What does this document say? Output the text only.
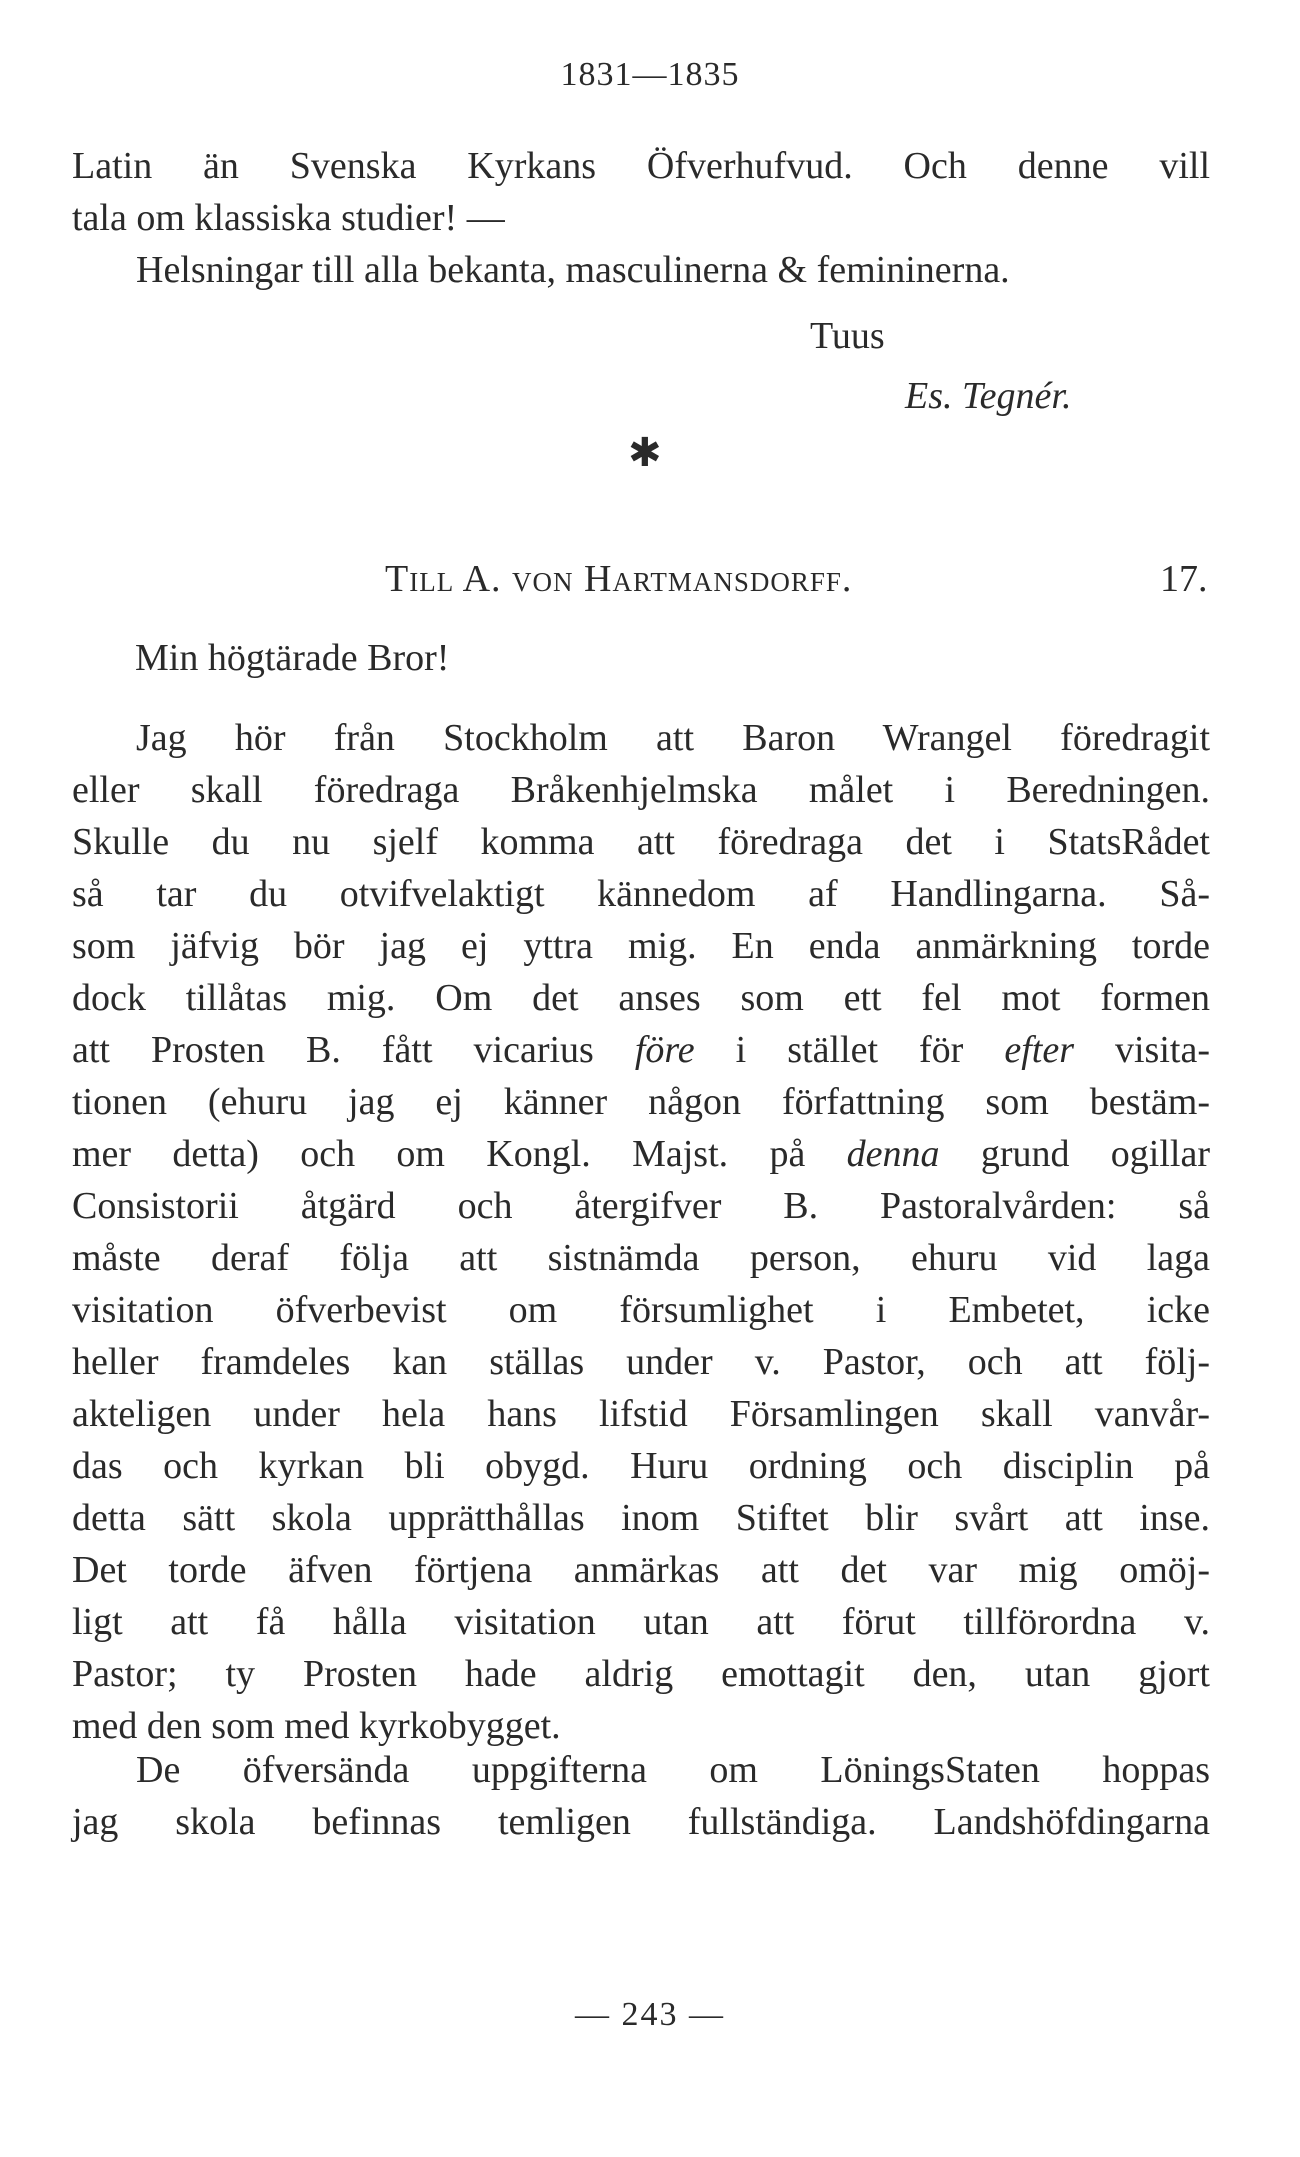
1831—1835
Latin än Svenska Kyrkans Öfverhufvud. Och denne vill
tala om klassiska studier! —
Helsningar till alla bekanta, masculinerna & femininerna.
Tuus
Es. Tegnér.
✱
Till A. von Hartmansdorff.	17.
Min högtärade Bror!
Jag hör från Stockholm att Baron Wrangel föredragit
eller skall föredraga Bråkenhjelmska målet i Beredningen.
Skulle du nu sjelf komma att föredraga det i StatsRådet
så tar du otvifvelaktigt kännedom af Handlingarna. Så-
som jäfvig bör jag ej yttra mig. En enda anmärkning torde
dock tillåtas mig. Om det anses som ett fel mot formen
att Prosten B. fått vicarius före i stället för efter visita-
tionen (ehuru jag ej känner någon författning som bestäm-
mer detta) och om Kongl. Majst. på denna grund ogillar
Consistorii åtgärd och återgifver B. Pastoralvården: så
måste deraf följa att sistnämda person, ehuru vid laga
visitation öfverbevist om försumlighet i Embetet, icke
heller framdeles kan ställas under v. Pastor, och att följ-
akteligen under hela hans lifstid Församlingen skall vanvår-
das och kyrkan bli obygd. Huru ordning och disciplin på
detta sätt skola upprätthållas inom Stiftet blir svårt att inse.
Det torde äfven förtjena anmärkas att det var mig omöj-
ligt att få hålla visitation utan att förut tillförordna v.
Pastor; ty Prosten hade aldrig emottagit den, utan gjort
med den som med kyrkobygget.
De öfversända uppgifterna om LöningsStaten hoppas
jag skola befinnas temligen fullständiga. Landshöfdingarna
— 243 —
